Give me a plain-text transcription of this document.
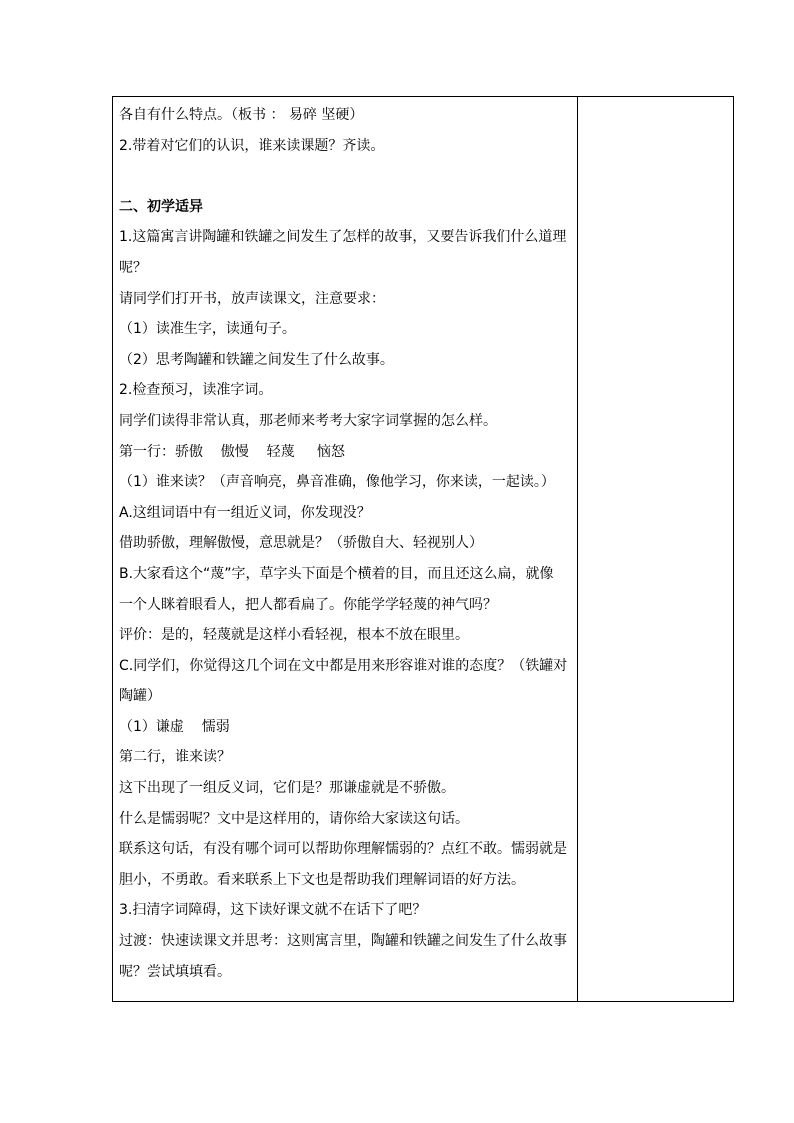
各自有什么特点。（板书 ： 易碎 坚硬）
2.带着对它们的认识，谁来读课题？齐读。
二、初学适异
1.这篇寓言讲陶罐和铁罐之间发生了怎样的故事，又要告诉我们什么道理
呢？
请同学们打开书，放声读课文，注意要求：
（1）读准生字，读通句子。
（2）思考陶罐和铁罐之间发生了什么故事。
2.检查预习，读准字词。
同学们读得非常认真，那老师来考考大家字词掌握的怎么样。
第一行：骄傲    傲慢    轻蔑     恼怒
（1）谁来读？（声音响亮，鼻音准确，像他学习，你来读，一起读。）
A.这组词语中有一组近义词，你发现没？
借助骄傲，理解傲慢，意思就是？（骄傲自大、轻视别人）
B.大家看这个“蔑”字，草字头下面是个横着的目，而且还这么扁，就像
一个人眯着眼看人，把人都看扁了。你能学学轻蔑的神气吗？
评价：是的，轻蔑就是这样小看轻视，根本不放在眼里。
C.同学们，你觉得这几个词在文中都是用来形容谁对谁的态度？（铁罐对
陶罐）
（1）谦虚    懦弱
第二行，谁来读？
这下出现了一组反义词，它们是？那谦虚就是不骄傲。
什么是懦弱呢？文中是这样用的，请你给大家读这句话。
联系这句话，有没有哪个词可以帮助你理解懦弱的？点红不敢。懦弱就是
胆小，不勇敢。看来联系上下文也是帮助我们理解词语的好方法。
3.扫清字词障碍，这下读好课文就不在话下了吧？
过渡：快速读课文并思考：这则寓言里，陶罐和铁罐之间发生了什么故事
呢？尝试填填看。
